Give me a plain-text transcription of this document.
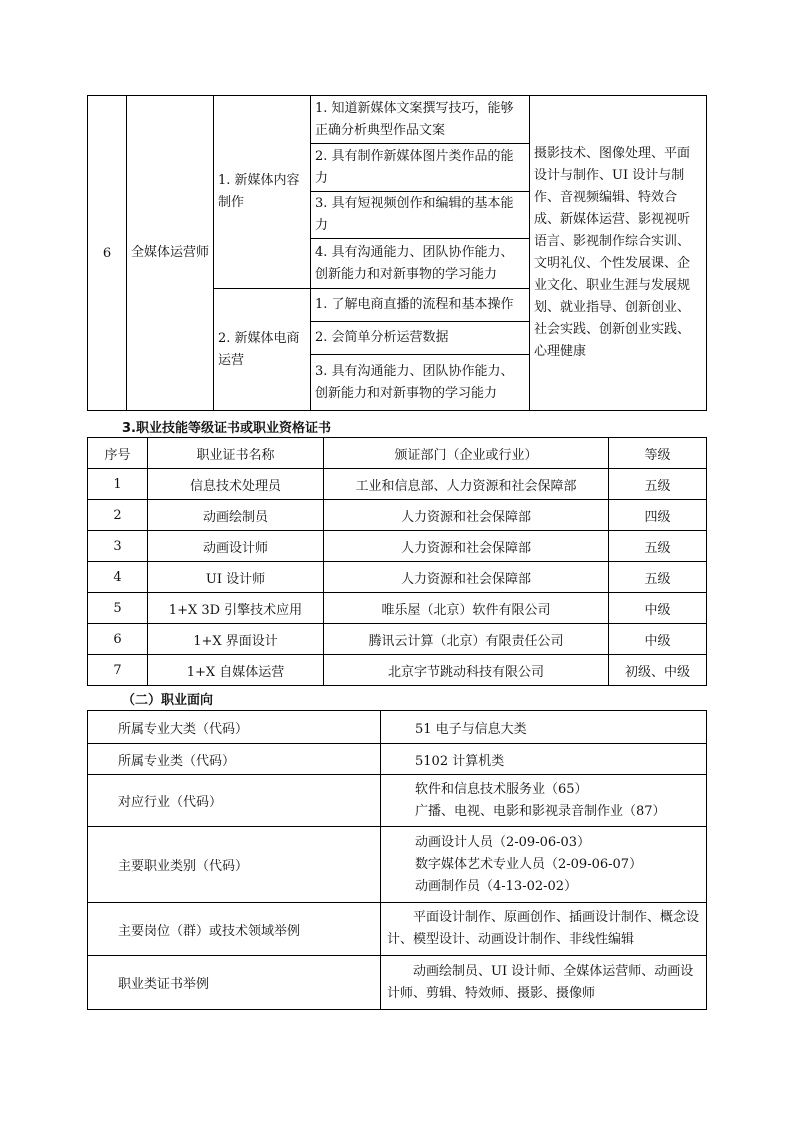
6	全媒体运营师	1. 新媒体内容制作	1. 知道新媒体文案撰写技巧，能够正确分析典型作品文案	摄影技术、图像处理、平面设计与制作、UI 设计与制作、音视频编辑、特效合成、新媒体运营、影视视听语言、影视制作综合实训、文明礼仪、个性发展课、企业文化、职业生涯与发展规划、就业指导、创新创业、社会实践、创新创业实践、心理健康
			2. 具有制作新媒体图片类作品的能力	
			3. 具有短视频创作和编辑的基本能力	
			4. 具有沟通能力、团队协作能力、创新能力和对新事物的学习能力	
		2. 新媒体电商运营	1. 了解电商直播的流程和基本操作	
			2. 会简单分析运营数据	
			3. 具有沟通能力、团队协作能力、创新能力和对新事物的学习能力	
3.职业技能等级证书或职业资格证书
序号	职业证书名称	颁证部门（企业或行业）	等级
1	信息技术处理员	工业和信息部、人力资源和社会保障部	五级
2	动画绘制员	人力资源和社会保障部	四级
3	动画设计师	人力资源和社会保障部	五级
4	UI 设计师	人力资源和社会保障部	五级
5	1+X 3D 引擎技术应用	唯乐屋（北京）软件有限公司	中级
6	1+X 界面设计	腾讯云计算（北京）有限责任公司	中级
7	1+X 自媒体运营	北京字节跳动科技有限公司	初级、中级
（二）职业面向
所属专业大类（代码）	51 电子与信息大类
所属专业类（代码）	5102 计算机类
对应行业（代码）	软件和信息技术服务业（65）
广播、电视、电影和影视录音制作业（87）

主要职业类别（代码）	动画设计人员（2-09-06-03）
数字媒体艺术专业人员（2-09-06-07）
动画制作员（4-13-02-02）

主要岗位（群）或技术领域举例	平面设计制作、原画创作、插画设计制作、概念设计、模型设计、动画设计制作、非线性编辑
职业类证书举例	动画绘制员、UI 设计师、全媒体运营师、动画设计师、剪辑、特效师、摄影、摄像师
